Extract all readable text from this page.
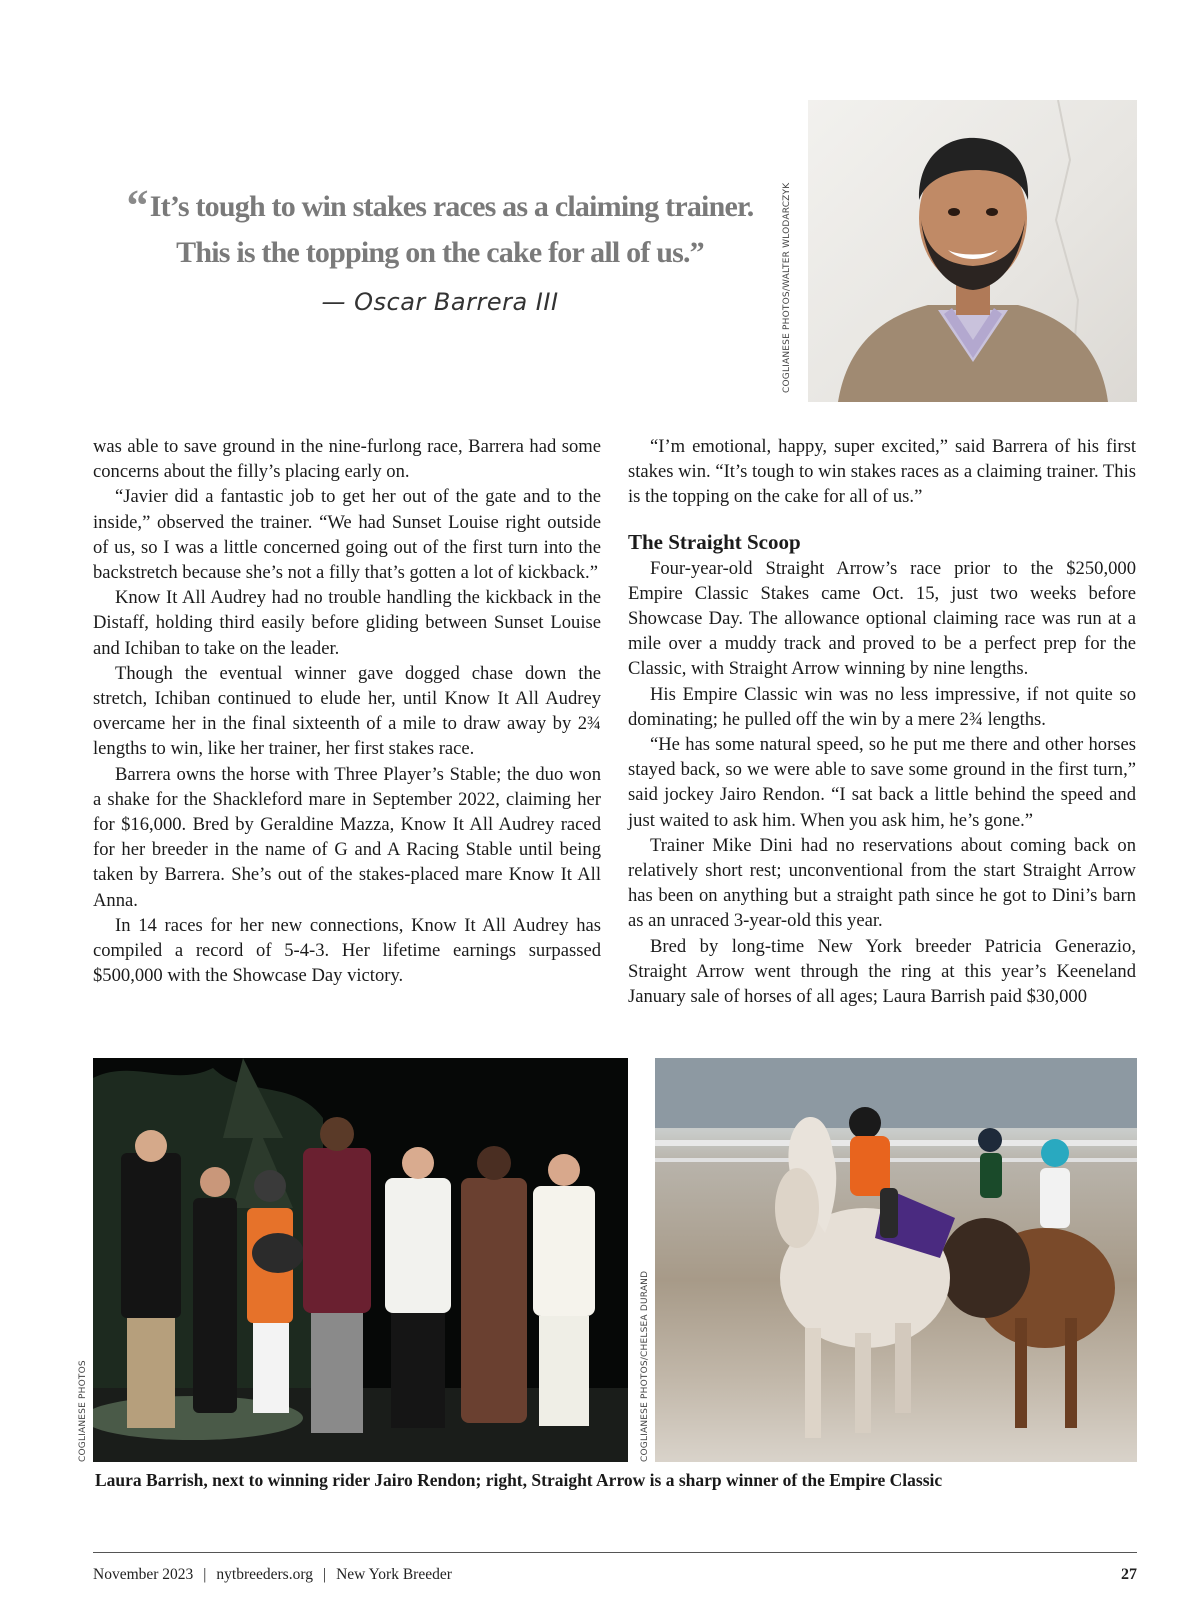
“It’s tough to win stakes races as a claiming trainer.
This is the topping on the cake for all of us.”
— Oscar Barrera III	COGLIANESE PHOTOS/WALTER WLODARCZYK

was able to save ground in the nine-furlong race, Barrera had some concerns about the filly’s placing early on.

“Javier did a fantastic job to get her out of the gate and to the inside,” observed the trainer. “We had Sunset Louise right outside of us, so I was a little concerned going out of the first turn into the backstretch because she’s not a filly that’s gotten a lot of kickback.”

Know It All Audrey had no trouble handling the kickback in the Distaff, holding third easily before gliding between Sunset Louise and Ichiban to take on the leader.

Though the eventual winner gave dogged chase down the stretch, Ichiban continued to elude her, until Know It All Audrey overcame her in the final sixteenth of a mile to draw away by 2¾ lengths to win, like her trainer, her first stakes race.

Barrera owns the horse with Three Player’s Stable; the duo won a shake for the Shackleford mare in September 2022, claiming her for $16,000. Bred by Geraldine Mazza, Know It All Audrey raced for her breeder in the name of G and A Racing Stable until being taken by Barrera. She’s out of the stakes-placed mare Know It All Anna.

In 14 races for her new connections, Know It All Audrey has compiled a record of 5-4-3. Her lifetime earnings surpassed $500,000 with the Showcase Day victory.

“I’m emotional, happy, super excited,” said Barrera of his first stakes win. “It’s tough to win stakes races as a claiming trainer. This is the topping on the cake for all of us.”

The Straight Scoop

Four-year-old Straight Arrow’s race prior to the $250,000 Empire Classic Stakes came Oct. 15, just two weeks before Showcase Day. The allowance optional claiming race was run at a mile over a muddy track and proved to be a perfect prep for the Classic, with Straight Arrow winning by nine lengths.

His Empire Classic win was no less impressive, if not quite so dominating; he pulled off the win by a mere 2¾ lengths.

“He has some natural speed, so he put me there and other horses stayed back, so we were able to save some ground in the first turn,” said jockey Jairo Rendon. “I sat back a little behind the speed and just waited to ask him. When you ask him, he’s gone.”

Trainer Mike Dini had no reservations about coming back on relatively short rest; unconventional from the start Straight Arrow has been on anything but a straight path since he got to Dini’s barn as an unraced 3-year-old this year.

Bred by long-time New York breeder Patricia Generazio, Straight Arrow went through the ring at this year’s Keeneland January sale of horses of all ages; Laura Barrish paid $30,000

COGLIANESE PHOTOS	COGLIANESE PHOTOS/CHELSEA DURAND
Laura Barrish, next to winning rider Jairo Rendon; right, Straight Arrow is a sharp winner of the Empire Classic
November 2023 | nytbreeders.org | New York Breeder	27
